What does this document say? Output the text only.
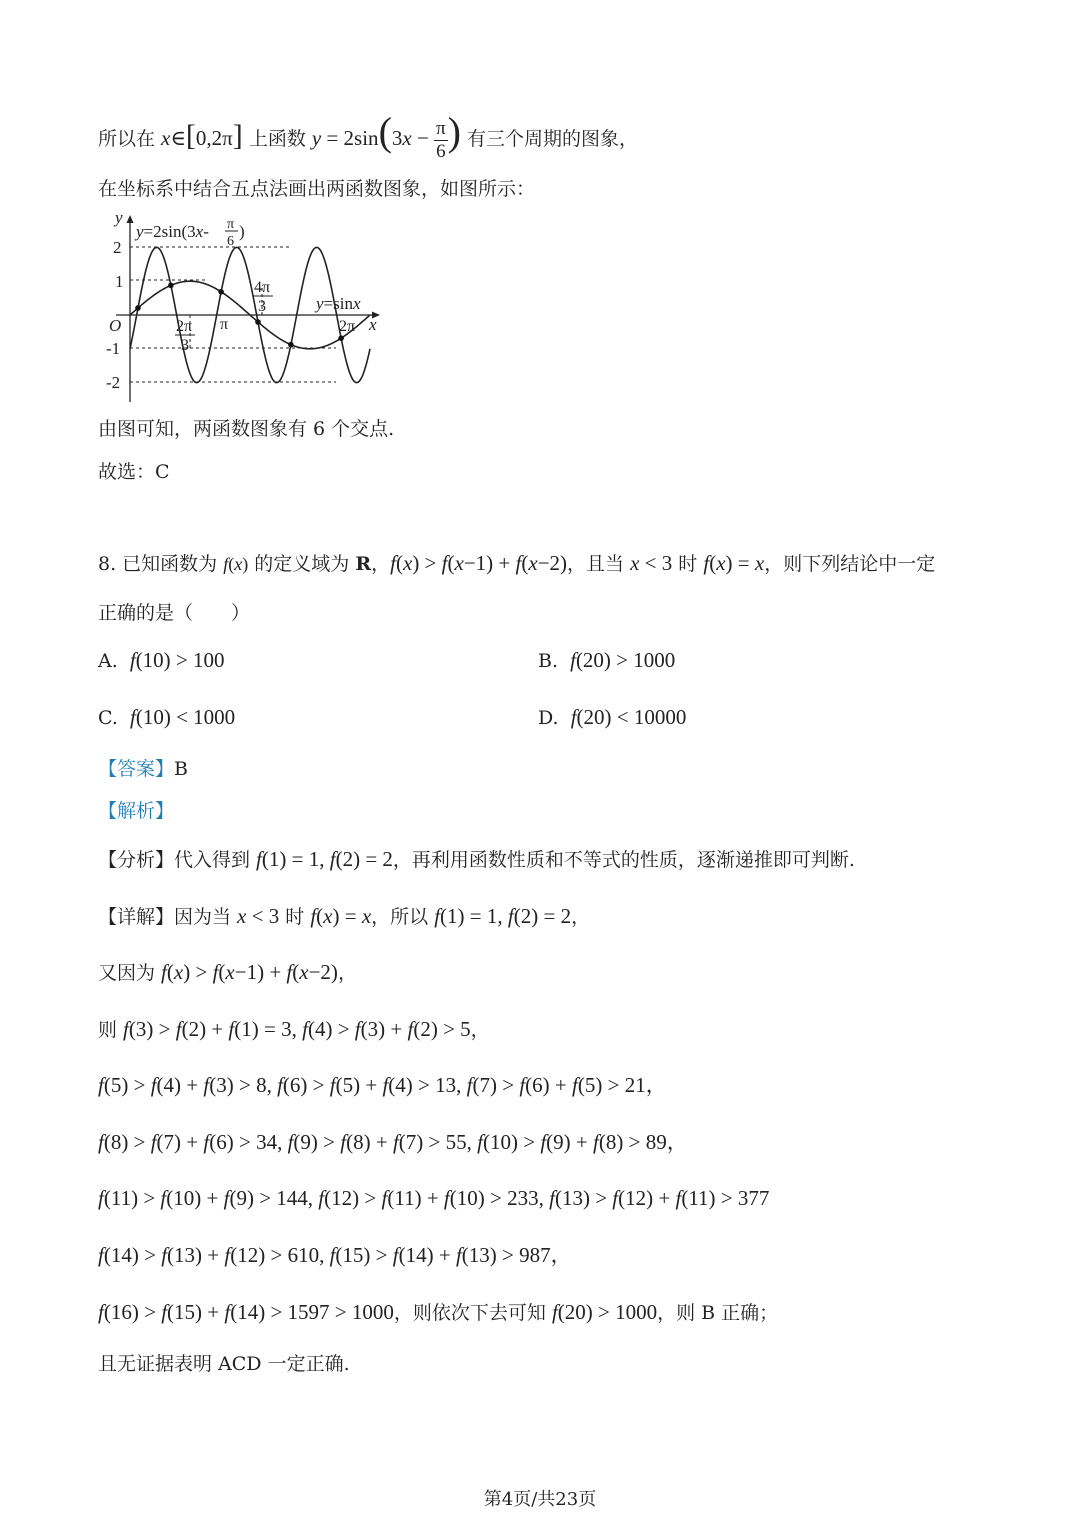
所以在 x∈[0,2π] 上函数 $y = 2\sin(3x - \frac{\pi}{6}$ ) 有三个周期的图象，
在坐标系中结合五点法画出两函数图象，如图所示：
y
x
O
2
1
-1
-2
y=2sin(3x- π
6
)
y=sinx
2π
3
π
4π
3
2π
由图可知，两函数图象有 6 个交点.
故选：C
8. 已知函数为 f(x) 的定义域为 R，f(x) > f(x−1) + f(x−2)，且当 x < 3 时 f(x) = x，则下列结论中一定
正确的是（　　）
A.  f(10) > 100	B.  f(20) > 1000
C.  f(10) < 1000	D.  f(20) < 10000
【答案】B
【解析】
【分析】代入得到 f(1) = 1, f(2) = 2，再利用函数性质和不等式的性质，逐渐递推即可判断.
【详解】因为当 x < 3 时 f(x) = x，所以 f(1) = 1, f(2) = 2，
又因为 f(x) > f(x−1) + f(x−2)，
则 f(3) > f(2) + f(1) = 3, f(4) > f(3) + f(2) > 5，
f(5) > f(4) + f(3) > 8, f(6) > f(5) + f(4) > 13, f(7) > f(6) + f(5) > 21，
f(8) > f(7) + f(6) > 34, f(9) > f(8) + f(7) > 55, f(10) > f(9) + f(8) > 89，
f(11) > f(10) + f(9) > 144, f(12) > f(11) + f(10) > 233, f(13) > f(12) + f(11) > 377
f(14) > f(13) + f(12) > 610, f(15) > f(14) + f(13) > 987，
f(16) > f(15) + f(14) > 1597 > 1000，则依次下去可知 f(20) > 1000，则 B 正确；
且无证据表明 ACD 一定正确.
第4页/共23页
